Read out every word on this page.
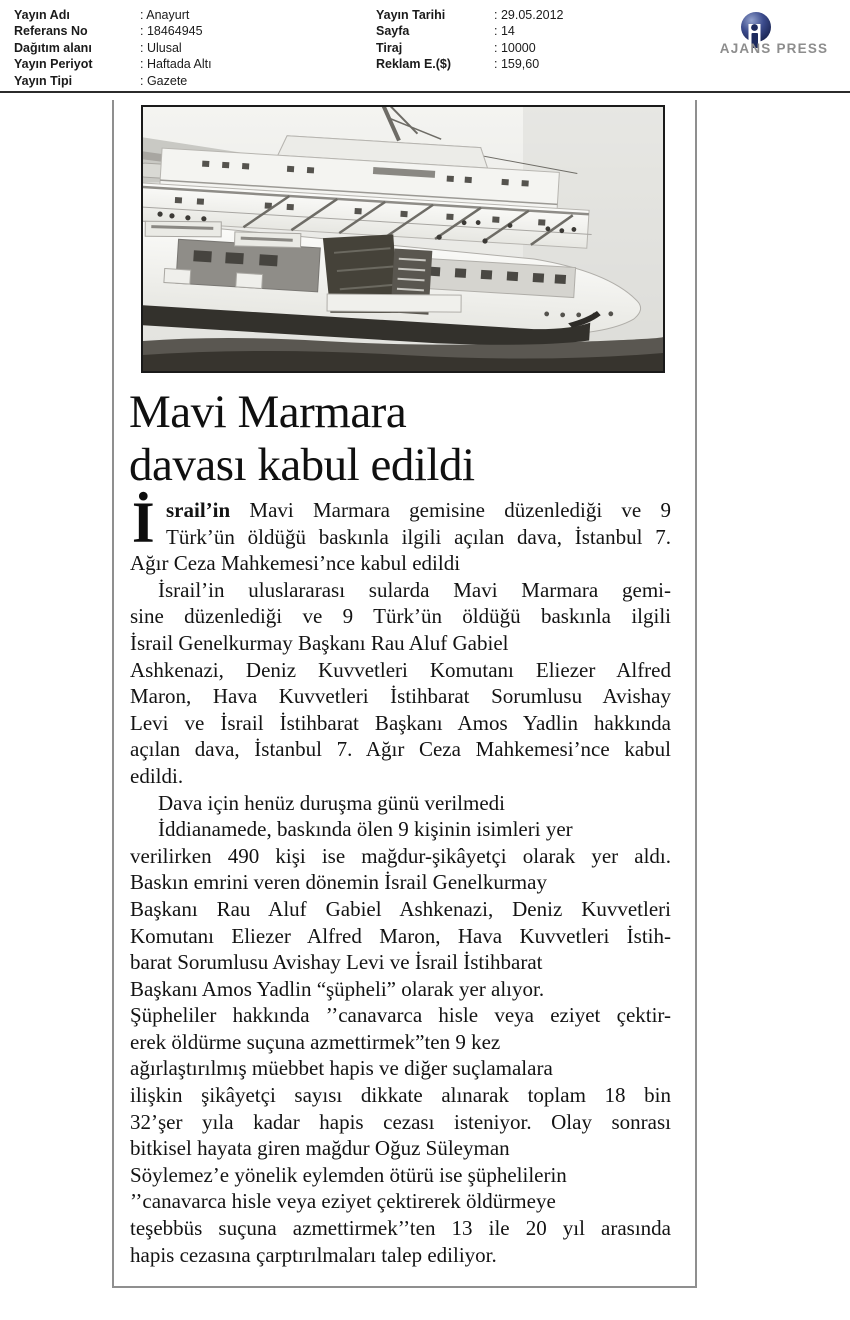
Yayın Adı	: Anayurt
Referans No	: 18464945
Dağıtım alanı	: Ulusal
Yayın Periyot	: Haftada Altı
Yayın Tipi	: Gazete
Yayın Tarihi	: 29.05.2012
Sayfa	: 14
Tiraj	: 10000
Reklam E.($)	: 159,60
AJANS PRESS
Mavi Marmara
davası kabul edildi
İ srail’in Mavi Marmara gemisine düzenlediği ve 9
Türk’ün öldüğü baskınla ilgili açılan dava, İstanbul 7.
Ağır Ceza Mahkemesi’nce kabul edildi
İsrail’in uluslararası sularda Mavi Marmara gemi-
sine düzenlediği ve 9 Türk’ün öldüğü baskınla ilgili
İsrail Genelkurmay Başkanı Rau Aluf Gabiel
Ashkenazi, Deniz Kuvvetleri Komutanı Eliezer Alfred
Maron, Hava Kuvvetleri İstihbarat Sorumlusu Avishay
Levi ve İsrail İstihbarat Başkanı Amos Yadlin hakkında
açılan dava, İstanbul 7. Ağır Ceza Mahkemesi’nce kabul
edildi.
Dava için henüz duruşma günü verilmedi
İddianamede, baskında ölen 9 kişinin isimleri yer
verilirken 490 kişi ise mağdur-şikâyetçi olarak yer aldı.
Baskın emrini veren dönemin İsrail Genelkurmay
Başkanı Rau Aluf Gabiel Ashkenazi, Deniz Kuvvetleri
Komutanı Eliezer Alfred Maron, Hava Kuvvetleri İstih-
barat Sorumlusu Avishay Levi ve İsrail İstihbarat
Başkanı Amos Yadlin “şüpheli” olarak yer alıyor.
Şüpheliler hakkında ’’canavarca hisle veya eziyet çektir-
erek öldürme suçuna azmettirmek”ten 9 kez
ağırlaştırılmış müebbet hapis ve diğer suçlamalara
ilişkin şikâyetçi sayısı dikkate alınarak toplam 18 bin
32’şer yıla kadar hapis cezası isteniyor. Olay sonrası
bitkisel hayata giren mağdur Oğuz Süleyman
Söylemez’e yönelik eylemden ötürü ise şüphelilerin
’’canavarca hisle veya eziyet çektirerek öldürmeye
teşebbüs suçuna azmettirmek’’ten 13 ile 20 yıl arasında
hapis cezasına çarptırılmaları talep ediliyor.
